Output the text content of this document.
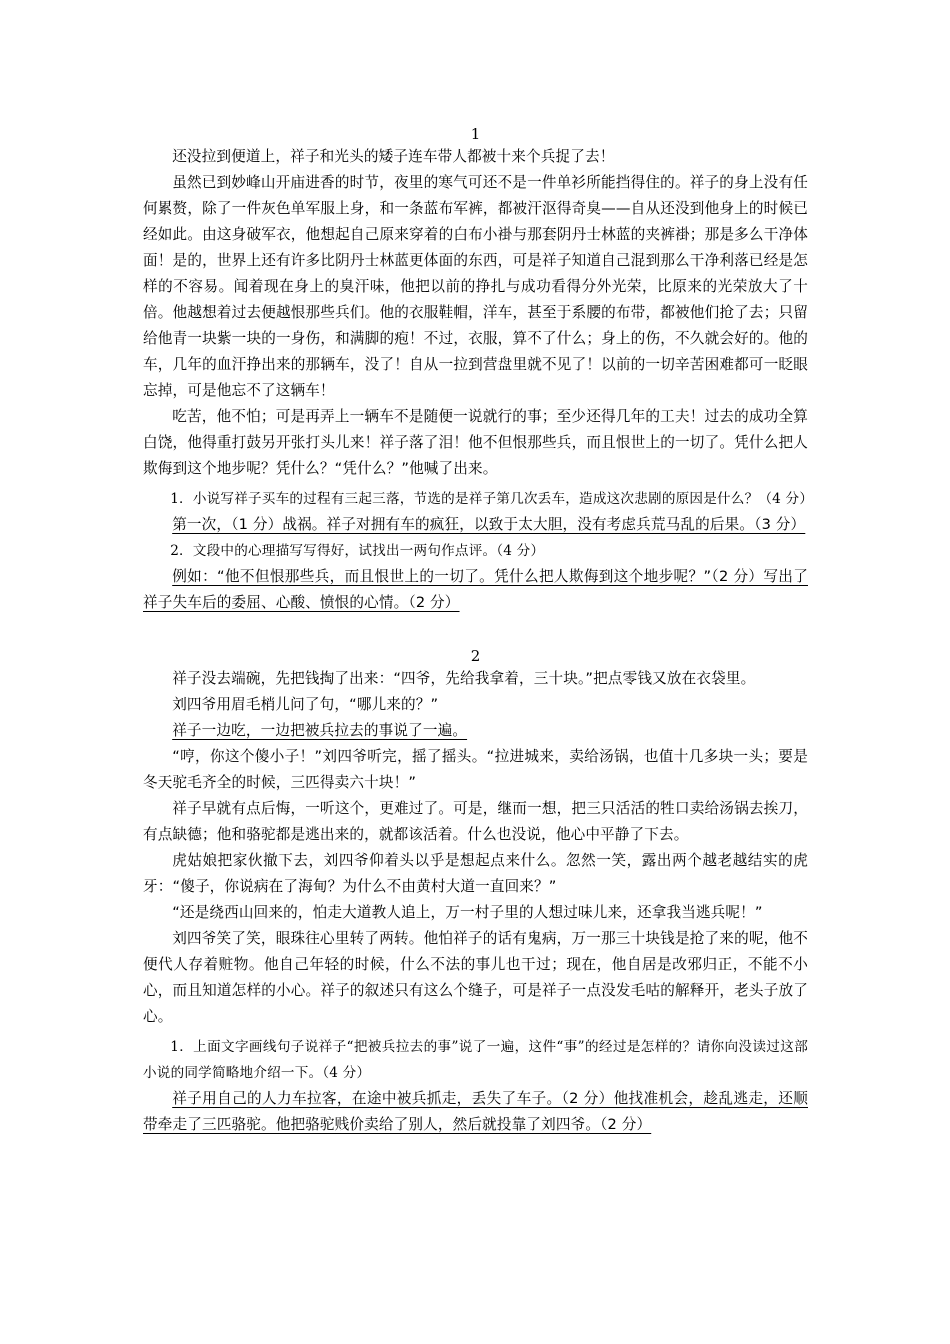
1

还没拉到便道上，祥子和光头的矮子连车带人都被十来个兵捉了去！

虽然已到妙峰山开庙进香的时节，夜里的寒气可还不是一件单衫所能挡得住的。祥子的身上没有任何累赘，除了一件灰色单军服上身，和一条蓝布军裤，都被汗沤得奇臭——自从还没到他身上的时候已经如此。由这身破军衣，他想起自己原来穿着的白布小褂与那套阴丹士林蓝的夹裤褂；那是多么干净体面！是的，世界上还有许多比阴丹士林蓝更体面的东西，可是祥子知道自己混到那么干净利落已经是怎样的不容易。闻着现在身上的臭汗味，他把以前的挣扎与成功看得分外光荣，比原来的光荣放大了十倍。他越想着过去便越恨那些兵们。他的衣服鞋帽，洋车，甚至于系腰的布带，都被他们抢了去；只留给他青一块紫一块的一身伤，和满脚的疱！不过，衣服，算不了什么；身上的伤，不久就会好的。他的车，几年的血汗挣出来的那辆车，没了！自从一拉到营盘里就不见了！以前的一切辛苦困难都可一眨眼忘掉，可是他忘不了这辆车！

吃苦，他不怕；可是再弄上一辆车不是随便一说就行的事；至少还得几年的工夫！过去的成功全算白饶，他得重打鼓另开张打头儿来！祥子落了泪！他不但恨那些兵，而且恨世上的一切了。凭什么把人欺侮到这个地步呢？凭什么？“凭什么？”他喊了出来。

1．小说写祥子买车的过程有三起三落，节选的是祥子第几次丢车，造成这次悲剧的原因是什么？（4 分）

第一次，（1 分）战祸。祥子对拥有车的疯狂，以致于太大胆，没有考虑兵荒马乱的后果。（3 分）

2．文段中的心理描写写得好，试找出一两句作点评。（4 分）

例如：“他不但恨那些兵，而且恨世上的一切了。凭什么把人欺侮到这个地步呢？”（2 分）写出了祥子失车后的委屈、心酸、愤恨的心情。（2 分）

2

祥子没去端碗，先把钱掏了出来：“四爷，先给我拿着，三十块。”把点零钱又放在衣袋里。

刘四爷用眉毛梢儿问了句，“哪儿来的？”

祥子一边吃，一边把被兵拉去的事说了一遍。

“哼，你这个傻小子！”刘四爷听完，摇了摇头。“拉进城来，卖给汤锅，也值十几多块一头；要是冬天驼毛齐全的时候，三匹得卖六十块！”

祥子早就有点后悔，一听这个，更难过了。可是，继而一想，把三只活活的牲口卖给汤锅去挨刀，有点缺德；他和骆驼都是逃出来的，就都该活着。什么也没说，他心中平静了下去。

虎姑娘把家伙撤下去，刘四爷仰着头以乎是想起点来什么。忽然一笑，露出两个越老越结实的虎牙：“傻子，你说病在了海甸？为什么不由黄村大道一直回来？”

“还是绕西山回来的，怕走大道教人追上，万一村子里的人想过味儿来，还拿我当逃兵呢！”

刘四爷笑了笑，眼珠往心里转了两转。他怕祥子的话有鬼病，万一那三十块钱是抢了来的呢，他不便代人存着赃物。他自己年轻的时候，什么不法的事儿也干过；现在，他自居是改邪归正，不能不小心，而且知道怎样的小心。祥子的叙述只有这么个缝子，可是祥子一点没发毛咕的解释开，老头子放了心。

1．上面文字画线句子说祥子“把被兵拉去的事”说了一遍，这件“事”的经过是怎样的？请你向没读过这部小说的同学简略地介绍一下。（4 分）

祥子用自己的人力车拉客，在途中被兵抓走，丢失了车子。（2 分）他找准机会，趁乱逃走，还顺带牵走了三匹骆驼。他把骆驼贱价卖给了别人，然后就投靠了刘四爷。（2 分）
